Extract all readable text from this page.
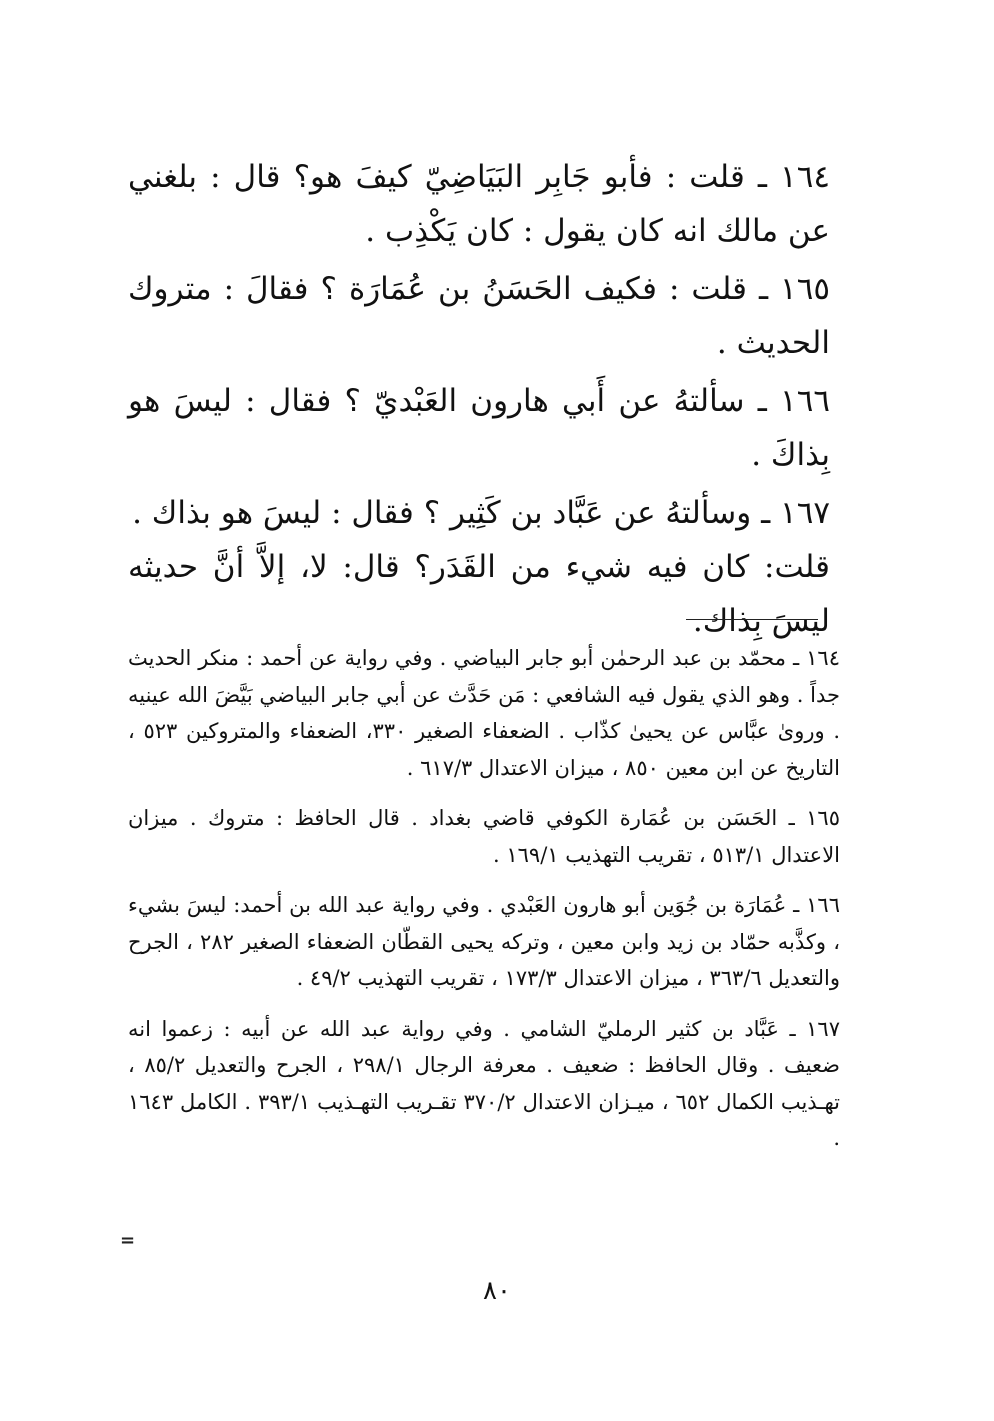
١٦٤ ـ قلت : فأبو جَابِر البَيَاضِيّ كيفَ هو؟ قال : بلغني عن مالك انه كان يقول : كان يَكْذِب .

١٦٥ ـ قلت : فكيف الحَسَنُ بن عُمَارَة ؟ فقالَ : متروك الحديث .

١٦٦ ـ سألتهُ عن أَبي هارون العَبْديّ ؟ فقال : ليسَ هو بِذاكَ .

١٦٧ ـ وسألتهُ عن عَبَّاد بن كَثِير ؟ فقال : ليسَ هو بذاك .

قلت: كان فيه شيء من القَدَر؟ قال: لا، إلاَّ أنَّ حديثه ليسَ بِذاك.

١٦٤ ـ محمّد بن عبد الرحمٰن أبو جابر البياضي . وفي رواية عن أحمد : منكر الحديث جداً . وهو الذي يقول فيه الشافعي : مَن حَدَّث عن أبي جابر البياضي بَيَّضَ الله عينيه . وروىٰ عبَّاس عن يحيىٰ كذّاب . الضعفاء الصغير ٣٣٠، الضعفاء والمتروكين ٥٢٣ ، التاريخ عن ابن معين ٨٥٠ ، ميزان الاعتدال ٦١٧/٣ .

١٦٥ ـ الحَسَن بن عُمَارة الكوفي قاضي بغداد . قال الحافظ : متروك . ميزان الاعتدال ٥١٣/١ ، تقريب التهذيب ١٦٩/١ .

١٦٦ ـ عُمَارَة بن جُوَين أبو هارون العَبْدي . وفي رواية عبد الله بن أحمد: ليسَ بشيء ، وكذَّبه حمّاد بن زيد وابن معين ، وتركه يحيى القطّان الضعفاء الصغير ٢٨٢ ، الجرح والتعديل ٣٦٣/٦ ، ميزان الاعتدال ١٧٣/٣ ، تقريب التهذيب ٤٩/٢ .

١٦٧ ـ عَبَّاد بن كثير الرمليّ الشامي . وفي رواية عبد الله عن أبيه : زعموا انه ضعيف . وقال الحافظ : ضعيف . معرفة الرجال ٢٩٨/١ ، الجرح والتعديل ٨٥/٢ ، تهـذيب الكمال ٦٥٢ ، ميـزان الاعتدال ٣٧٠/٢ تقـريب التهـذيب ٣٩٣/١ . الكامل ١٦٤٣ .

=
٨٠
